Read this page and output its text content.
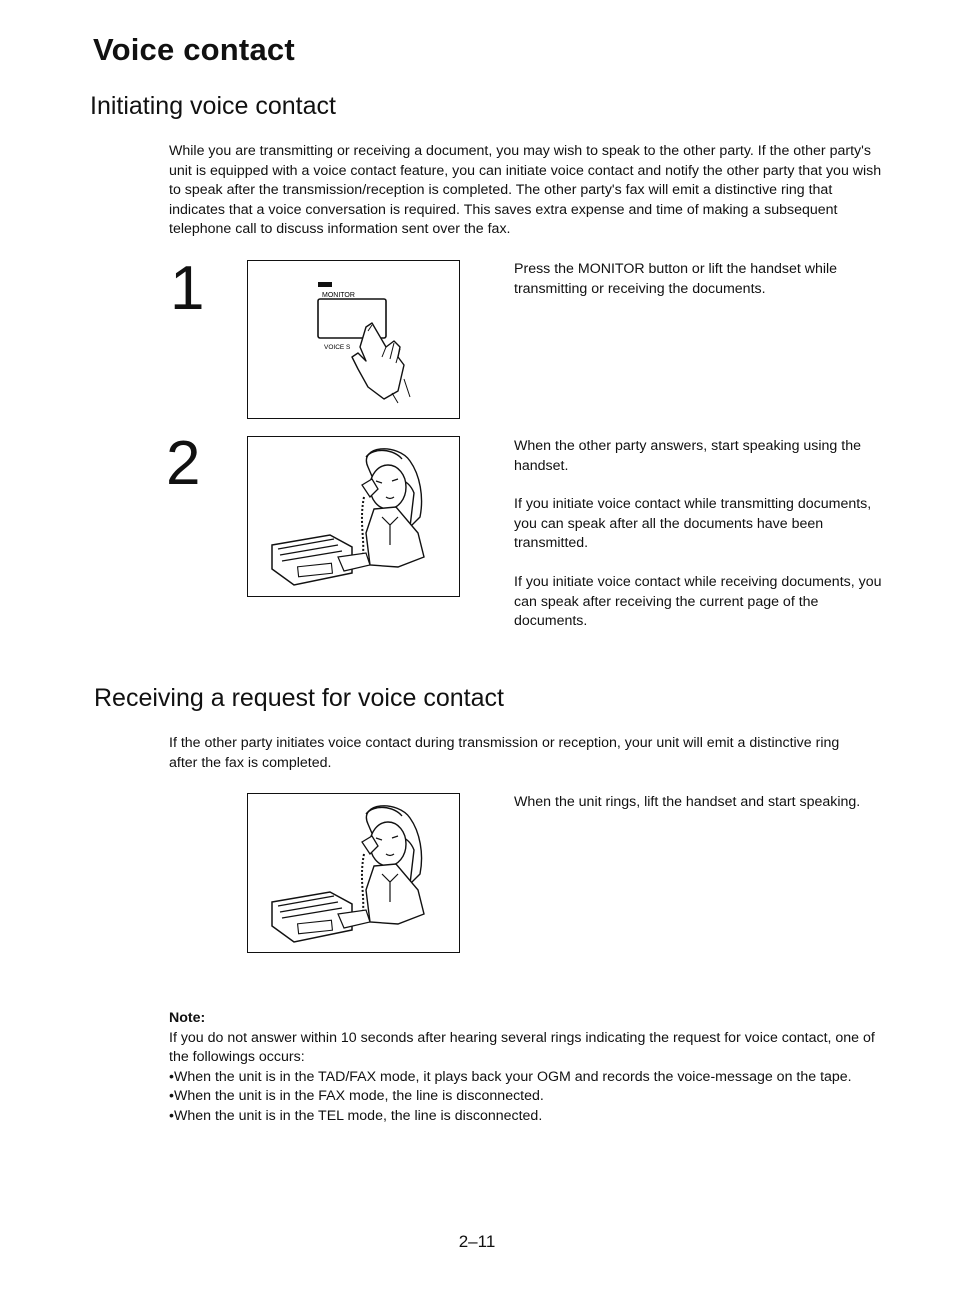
Voice contact
Initiating voice contact
While you are transmitting or receiving a document, you may wish to speak to the other party. If the other party's unit is equipped with a voice contact feature, you can initiate voice contact and notify the other party that you wish to speak after the transmission/reception is completed. The other party's fax will emit a distinctive ring that indicates that a voice conversation is required. This saves extra expense and time of making a subsequent telephone call to discuss information sent over the fax.
1	MONITOR
VOICE S
Press the MONITOR button or lift the handset while transmitting or receiving the documents.
2	When the other party answers, start speaking using the handset.

If you initiate voice contact while transmitting documents, you can speak after all the documents have been transmitted.

If you initiate voice contact while receiving documents, you can speak after receiving the current page of the documents.

Receiving a request for voice contact
If the other party initiates voice contact during transmission or reception, your unit will emit a distinctive ring after the fax is completed.
When the unit rings, lift the handset and start speaking.
Note:
If you do not answer within 10 seconds after hearing several rings indicating the request for voice contact, one of the followings occurs:
•When the unit is in the TAD/FAX mode, it plays back your OGM and records the voice-message on the tape.
•When the unit is in the FAX mode, the line is disconnected.
•When the unit is in the TEL mode, the line is disconnected.
2–11
